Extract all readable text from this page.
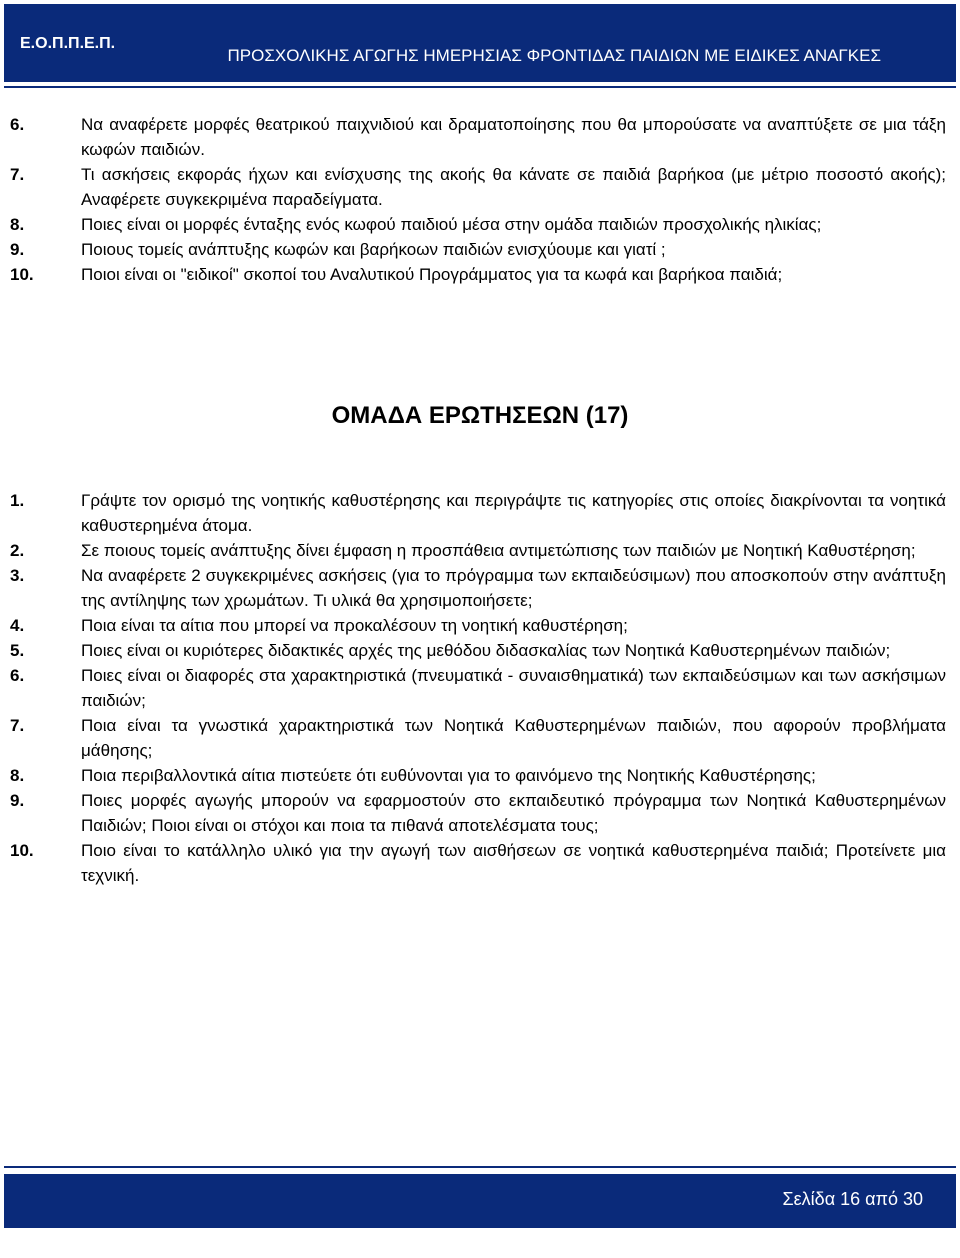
Ε.Ο.Π.Π.Ε.Π.
ΠΡΟΣΧΟΛΙΚΗΣ ΑΓΩΓΗΣ ΗΜΕΡΗΣΙΑΣ ΦΡΟΝΤΙΔΑΣ ΠΑΙΔΙΩΝ ΜΕ ΕΙΔΙΚΕΣ ΑΝΑΓΚΕΣ
6.	Να αναφέρετε μορφές θεατρικού παιχνιδιού και δραματοποίησης που θα μπορούσατε να αναπτύξετε σε μια τάξη κωφών παιδιών.
7.	Τι ασκήσεις εκφοράς ήχων και ενίσχυσης της ακοής θα κάνατε σε παιδιά βαρήκοα (με μέτριο ποσοστό ακοής); Αναφέρετε συγκεκριμένα παραδείγματα.
8.	Ποιες είναι οι μορφές ένταξης ενός κωφού παιδιού μέσα στην ομάδα παιδιών προσχολικής ηλικίας;
9.	Ποιους τομείς ανάπτυξης κωφών και βαρήκοων παιδιών ενισχύουμε και γιατί ;
10.	Ποιοι είναι οι "ειδικοί" σκοποί του Αναλυτικού Προγράμματος για τα κωφά και βαρήκοα παιδιά;
ΟΜΑΔΑ ΕΡΩΤΗΣΕΩΝ (17)
1.	Γράψτε τον ορισμό της νοητικής καθυστέρησης και περιγράψτε τις κατηγορίες στις οποίες διακρίνονται τα νοητικά καθυστερημένα άτομα.
2.	Σε ποιους τομείς ανάπτυξης δίνει έμφαση η προσπάθεια αντιμετώπισης των παιδιών με Νοητική Καθυστέρηση;
3.	Να αναφέρετε 2 συγκεκριμένες ασκήσεις (για το πρόγραμμα των εκπαιδεύσιμων) που αποσκοπούν στην ανάπτυξη της αντίληψης των χρωμάτων. Τι υλικά θα χρησιμοποιήσετε;
4.	Ποια είναι τα αίτια που μπορεί να προκαλέσουν τη νοητική καθυστέρηση;
5.	Ποιες είναι οι κυριότερες διδακτικές αρχές της μεθόδου διδασκαλίας των Νοητικά Καθυστερημένων παιδιών;
6.	Ποιες είναι οι διαφορές στα χαρακτηριστικά (πνευματικά - συναισθηματικά) των εκπαιδεύσιμων και των ασκήσιμων παιδιών;
7.	Ποια είναι τα γνωστικά χαρακτηριστικά των Νοητικά Καθυστερημένων παιδιών, που αφορούν προβλήματα μάθησης;
8.	Ποια περιβαλλοντικά αίτια πιστεύετε ότι ευθύνονται για το φαινόμενο της Νοητικής Καθυστέρησης;
9.	Ποιες μορφές αγωγής μπορούν να εφαρμοστούν στο εκπαιδευτικό πρόγραμμα των Νοητικά Καθυστερημένων Παιδιών; Ποιοι είναι οι στόχοι και ποια τα πιθανά αποτελέσματα τους;
10.	Ποιο είναι το κατάλληλο υλικό για την αγωγή των αισθήσεων σε νοητικά καθυστερημένα παιδιά; Προτείνετε μια τεχνική.
Σελίδα 16 από 30
